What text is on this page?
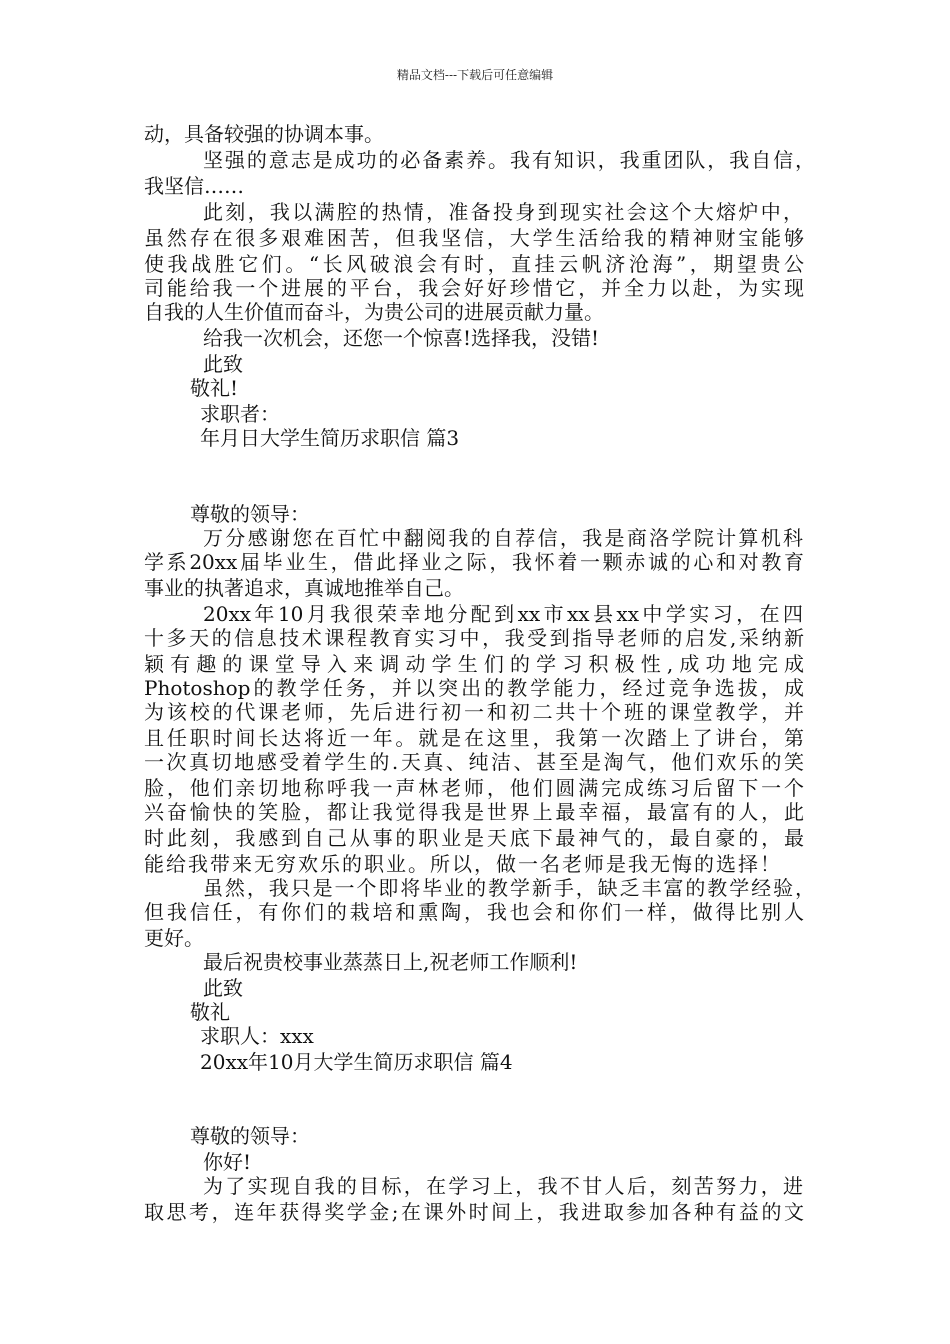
精品文档---下载后可任意编辑
动，具备较强的协调本事。
坚强的意志是成功的必备素养。我有知识，我重团队，我自信，
我坚信……
此刻，我以满腔的热情，准备投身到现实社会这个大熔炉中，
虽然存在很多艰难困苦，但我坚信，大学生活给我的精神财宝能够
使我战胜它们。“长风破浪会有时，直挂云帆济沧海”，期望贵公
司能给我一个进展的平台，我会好好珍惜它，并全力以赴，为实现
自我的人生价值而奋斗，为贵公司的进展贡献力量。
给我一次机会，还您一个惊喜!选择我，没错!
此致
敬礼!
求职者：
年月日大学生简历求职信 篇3
尊敬的领导：
万分感谢您在百忙中翻阅我的自荐信，我是商洛学院计算机科
学系20xx届毕业生，借此择业之际，我怀着一颗赤诚的心和对教育
事业的执著追求，真诚地推举自己。
20xx年10月我很荣幸地分配到xx市xx县xx中学实习，在四
十多天的信息技术课程教育实习中，我受到指导老师的启发,采纳新
颖有趣的课堂导入来调动学生们的学习积极性,成功地完成
Photoshop的教学任务，并以突出的教学能力，经过竞争选拔，成
为该校的代课老师，先后进行初一和初二共十个班的课堂教学，并
且任职时间长达将近一年。就是在这里，我第一次踏上了讲台，第
一次真切地感受着学生的.天真、纯洁、甚至是淘气，他们欢乐的笑
脸，他们亲切地称呼我一声林老师，他们圆满完成练习后留下一个
兴奋愉快的笑脸，都让我觉得我是世界上最幸福，最富有的人，此
时此刻，我感到自己从事的职业是天底下最神气的，最自豪的，最
能给我带来无穷欢乐的职业。所以，做一名老师是我无悔的选择！
虽然，我只是一个即将毕业的教学新手，缺乏丰富的教学经验，
但我信任，有你们的栽培和熏陶，我也会和你们一样，做得比别人
更好。
最后祝贵校事业蒸蒸日上,祝老师工作顺利!
此致
敬礼
求职人：xxx
20xx年10月大学生简历求职信 篇4
尊敬的领导：
你好!
为了实现自我的目标，在学习上，我不甘人后，刻苦努力，进
取思考，连年获得奖学金;在课外时间上，我进取参加各种有益的文
